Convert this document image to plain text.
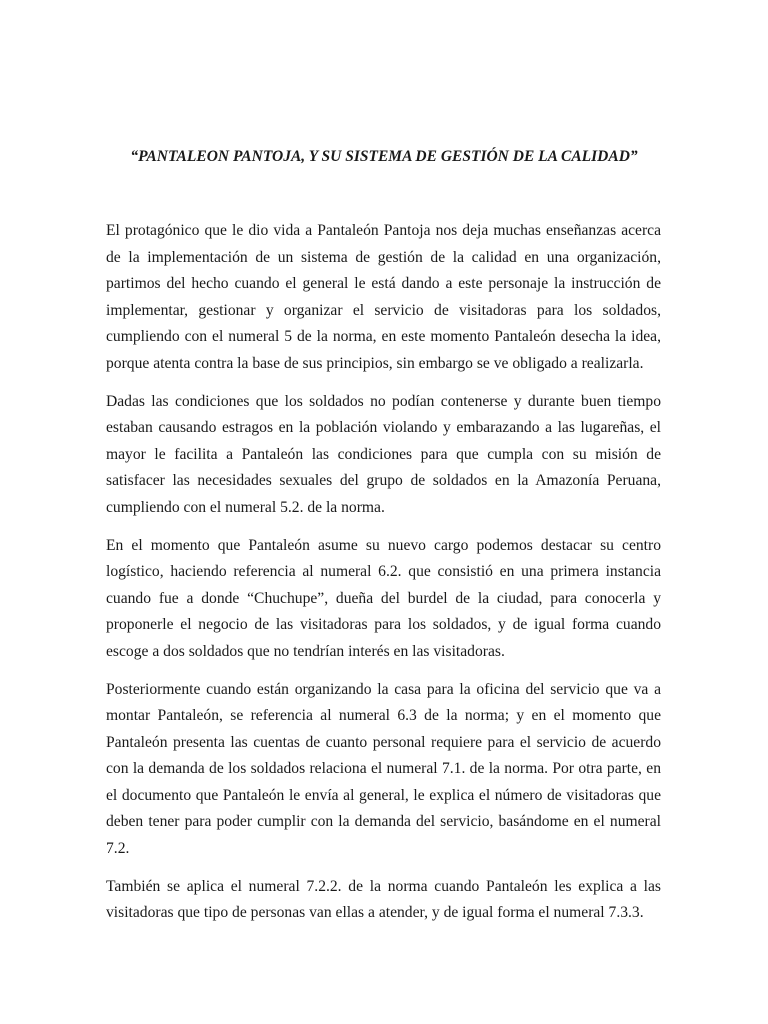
“PANTALEON PANTOJA, Y SU SISTEMA DE GESTIÓN DE LA CALIDAD”

El protagónico que le dio vida a Pantaleón Pantoja nos deja muchas enseñanzas acerca de la implementación de un sistema de gestión de la calidad en una organización, partimos del hecho cuando el general le está dando a este personaje la instrucción de implementar, gestionar y organizar el servicio de visitadoras para los soldados, cumpliendo con el numeral 5 de la norma, en este momento Pantaleón desecha la idea, porque atenta contra la base de sus principios, sin embargo se ve obligado a realizarla.

Dadas las condiciones que los soldados no podían contenerse y durante buen tiempo estaban causando estragos en la población violando y embarazando a las lugareñas, el mayor le facilita a Pantaleón las condiciones para que cumpla con su misión de satisfacer las necesidades sexuales del grupo de soldados en la Amazonía Peruana, cumpliendo con el numeral 5.2. de la norma.

En el momento que Pantaleón asume su nuevo cargo podemos destacar su centro logístico, haciendo referencia al numeral 6.2. que consistió en una primera instancia cuando fue a donde “Chuchupe”, dueña del burdel de la ciudad, para conocerla y proponerle el negocio de las visitadoras para los soldados, y de igual forma cuando escoge a dos soldados que no tendrían interés en las visitadoras.

Posteriormente cuando están organizando la casa para la oficina del servicio que va a montar Pantaleón, se referencia al numeral 6.3 de la norma; y en el momento que Pantaleón presenta las cuentas de cuanto personal requiere para el servicio de acuerdo con la demanda de los soldados relaciona el numeral 7.1. de la norma. Por otra parte, en el documento que Pantaleón le envía al general, le explica el número de visitadoras que deben tener para poder cumplir con la demanda del servicio, basándome en el numeral 7.2.

También se aplica el numeral 7.2.2. de la norma cuando Pantaleón les explica a las visitadoras que tipo de personas van ellas a atender, y de igual forma el numeral 7.3.3.
